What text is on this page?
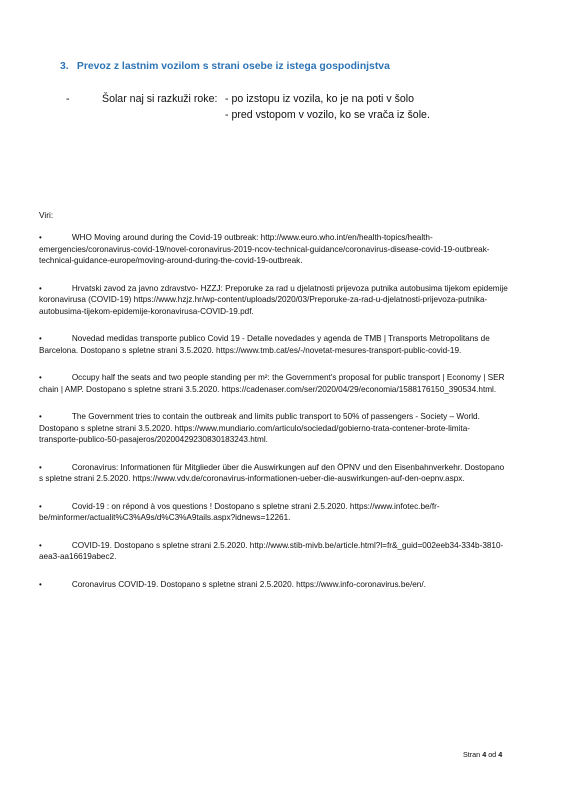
3. Prevoz z lastnim vozilom s strani osebe iz istega gospodinjstva
-	Šolar naj si razkuži roke: - po izstopu iz vozila, ko je na poti v šolo
- pred vstopom v vozilo, ko se vrača iz šole.
Viri:
•	WHO Moving around during the Covid-19 outbreak: http://www.euro.who.int/en/health-topics/health-emergencies/coronavirus-covid-19/novel-coronavirus-2019-ncov-technical-guidance/coronavirus-disease-covid-19-outbreak-technical-guidance-europe/moving-around-during-the-covid-19-outbreak.
•	Hrvatski zavod za javno zdravstvo- HZZJ: Preporuke za rad u djelatnosti prijevoza putnika autobusima tijekom epidemije koronavirusa (COVID-19) https://www.hzjz.hr/wp-content/uploads/2020/03/Preporuke-za-rad-u-djelatnosti-prijevoza-putnika-autobusima-tijekom-epidemije-koronavirusa-COVID-19.pdf.
•	Novedad medidas transporte publico Covid 19 - Detalle novedades y agenda de TMB | Transports Metropolitans de Barcelona. Dostopano s spletne strani 3.5.2020. https://www.tmb.cat/es/-/novetat-mesures-transport-public-covid-19.
•	Occupy half the seats and two people standing per m²: the Government's proposal for public transport | Economy | SER chain | AMP. Dostopano s spletne strani 3.5.2020. https://cadenaser.com/ser/2020/04/29/economia/1588176150_390534.html.
•	The Government tries to contain the outbreak and limits public transport to 50% of passengers - Society – World. Dostopano s spletne strani 3.5.2020. https://www.mundiario.com/articulo/sociedad/gobierno-trata-contener-brote-limita-transporte-publico-50-pasajeros/20200429230830183243.html.
•	Coronavirus: Informationen für Mitglieder über die Auswirkungen auf den ÖPNV und den Eisenbahnverkehr. Dostopano s spletne strani 2.5.2020. https://www.vdv.de/coronavirus-informationen-ueber-die-auswirkungen-auf-den-oepnv.aspx.
•	Covid-19 : on répond à vos questions ! Dostopano s spletne strani 2.5.2020. https://www.infotec.be/fr-be/minformer/actualit%C3%A9s/d%C3%A9tails.aspx?idnews=12261.
•	COVID-19. Dostopano s spletne strani 2.5.2020. http://www.stib-mivb.be/article.html?l=fr&_guid=002eeb34-334b-3810-aea3-aa16619abec2.
•	Coronavirus COVID-19. Dostopano s spletne strani 2.5.2020. https://www.info-coronavirus.be/en/.
Stran 4 od 4
